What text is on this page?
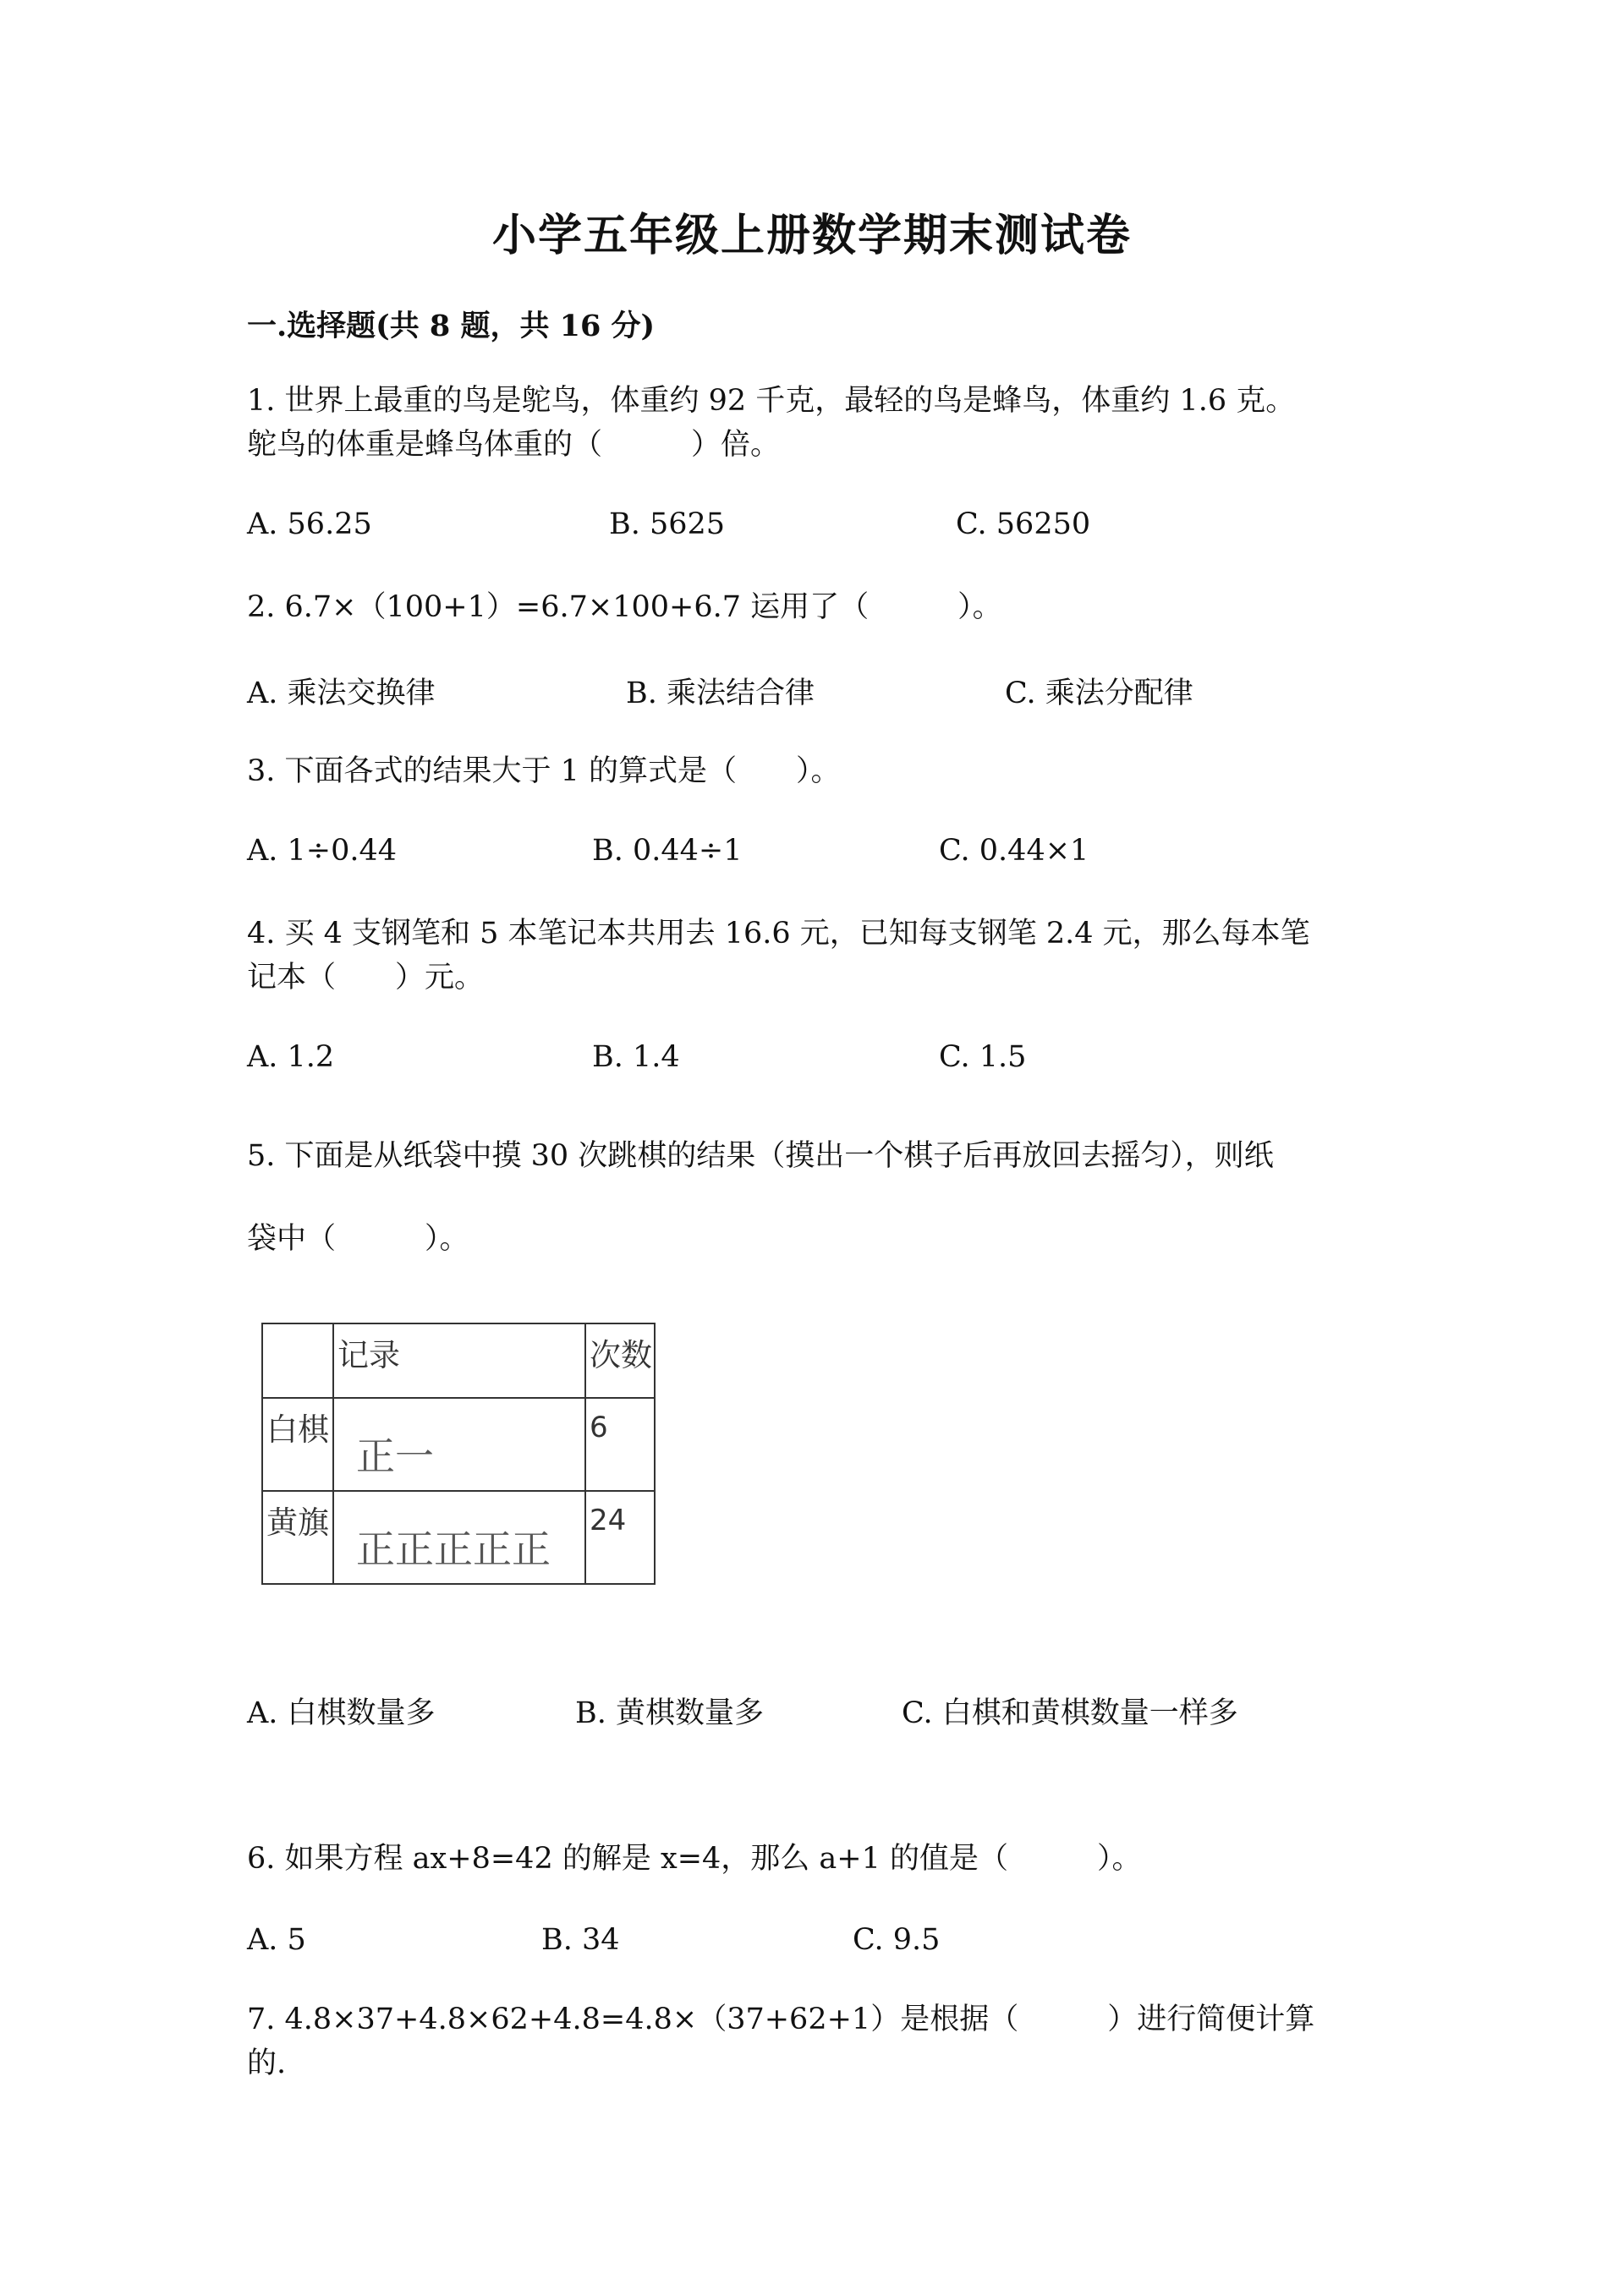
小学五年级上册数学期末测试卷
一.选择题(共 8 题，共 16 分)
1. 世界上最重的鸟是鸵鸟，体重约 92 千克，最轻的鸟是蜂鸟，体重约 1.6 克。
鸵鸟的体重是蜂鸟体重的（　　　）倍。
A. 56.25	B. 5625	C. 56250
2. 6.7×（100+1）=6.7×100+6.7 运用了（　　　）。
A. 乘法交换律	B. 乘法结合律	C. 乘法分配律
3. 下面各式的结果大于 1 的算式是（　　）。
A. 1÷0.44	B. 0.44÷1	C. 0.44×1
4. 买 4 支钢笔和 5 本笔记本共用去 16.6 元，已知每支钢笔 2.4 元，那么每本笔
记本（　　）元。
A. 1.2	B. 1.4	C. 1.5
5. 下面是从纸袋中摸 30 次跳棋的结果（摸出一个棋子后再放回去摇匀），则纸
袋中（　　　）。

	记录	次数

白棋	正一	6

黄旗	正正正正正	24
A. 白棋数量多	B. 黄棋数量多	C. 白棋和黄棋数量一样多
6. 如果方程 ax+8=42 的解是 x=4，那么 a+1 的值是（　　　）。
A. 5	B. 34	C. 9.5
7. 4.8×37+4.8×62+4.8=4.8×（37+62+1）是根据（　　　）进行简便计算
的.
